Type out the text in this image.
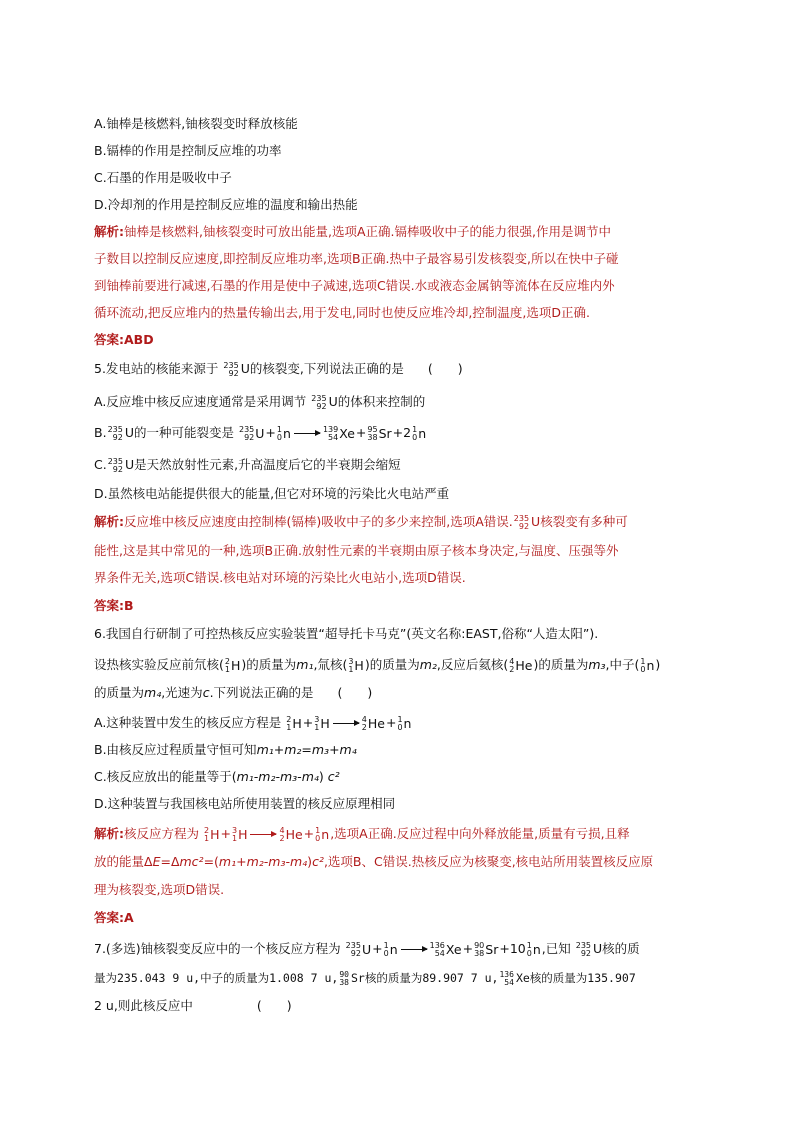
A.铀棒是核燃料,铀核裂变时释放核能
B.镉棒的作用是控制反应堆的功率
C.石墨的作用是吸收中子
D.冷却剂的作用是控制反应堆的温度和输出热能
解析:铀棒是核燃料,铀核裂变时可放出能量,选项A正确.镉棒吸收中子的能力很强,作用是调节中
子数目以控制反应速度,即控制反应堆功率,选项B正确.热中子最容易引发核裂变,所以在快中子碰
到铀棒前要进行减速,石墨的作用是使中子减速,选项C错误.水或液态金属钠等流体在反应堆内外
循环流动,把反应堆内的热量传输出去,用于发电,同时也使反应堆冷却,控制温度,选项D正确.
答案:ABD
5.发电站的核能来源于 235
92 U的核裂变,下列说法正确的是 (　　)
A.反应堆中核反应速度通常是采用调节 235
92 U的体积来控制的
B. 235
92 U的一种可能裂变是 235
92 U + 1
0 n → 139
54 Xe + 95
38 Sr +2 1
0 n
C. 235
92 U是天然放射性元素,升高温度后它的半衰期会缩短
D.虽然核电站能提供很大的能量,但它对环境的污染比火电站严重
解析:反应堆中核反应速度由控制棒(镉棒)吸收中子的多少来控制,选项A错误. 235
92 U核裂变有多种可
能性,这是其中常见的一种,选项B正确.放射性元素的半衰期由原子核本身决定,与温度、压强等外
界条件无关,选项C错误.核电站对环境的污染比火电站小,选项D错误.
答案:B
6.我国自行研制了可控热核反应实验装置“超导托卡马克”(英文名称:EAST,俗称“人造太阳”).
设热核实验反应前氘核( 2
1 H )的质量为m₁,氚核( 3
1 H )的质量为m₂,反应后氦核( 4
2 He )的质量为m₃,中子( 1
0 n )
的质量为m₄,光速为c.下列说法正确的是 (　　)
A.这种装置中发生的核反应方程是 2
1 H + 3
1 H → 4
2 He + 1
0 n
B.由核反应过程质量守恒可知m₁+m₂=m₃+m₄
C.核反应放出的能量等于(m₁-m₂-m₃-m₄) c²
D.这种装置与我国核电站所使用装置的核反应原理相同
解析:核反应方程为 2
1 H + 3
1 H	4
2 He + 1
0 n ,选项A正确.反应过程中向外释放能量,质量有亏损,且释
放的能量ΔE=Δmc²=(m₁+m₂-m₃-m₄)c²,选项B、C错误.热核反应为核聚变,核电站所用装置核反应原
理为核裂变,选项D错误.
答案:A
7.(多选)铀核裂变反应中的一个核反应方程为 235
92 U + 1
0 n → 136
54 Xe + 90
38 Sr +10 1
0 n ,已知 235
92 U核的质
量为235.043 9 u,中子的质量为1.008 7 u, 90
38 Sr核的质量为89.907 7 u, 136
54 Xe核的质量为135.907
2 u,则此核反应中	(　　)
